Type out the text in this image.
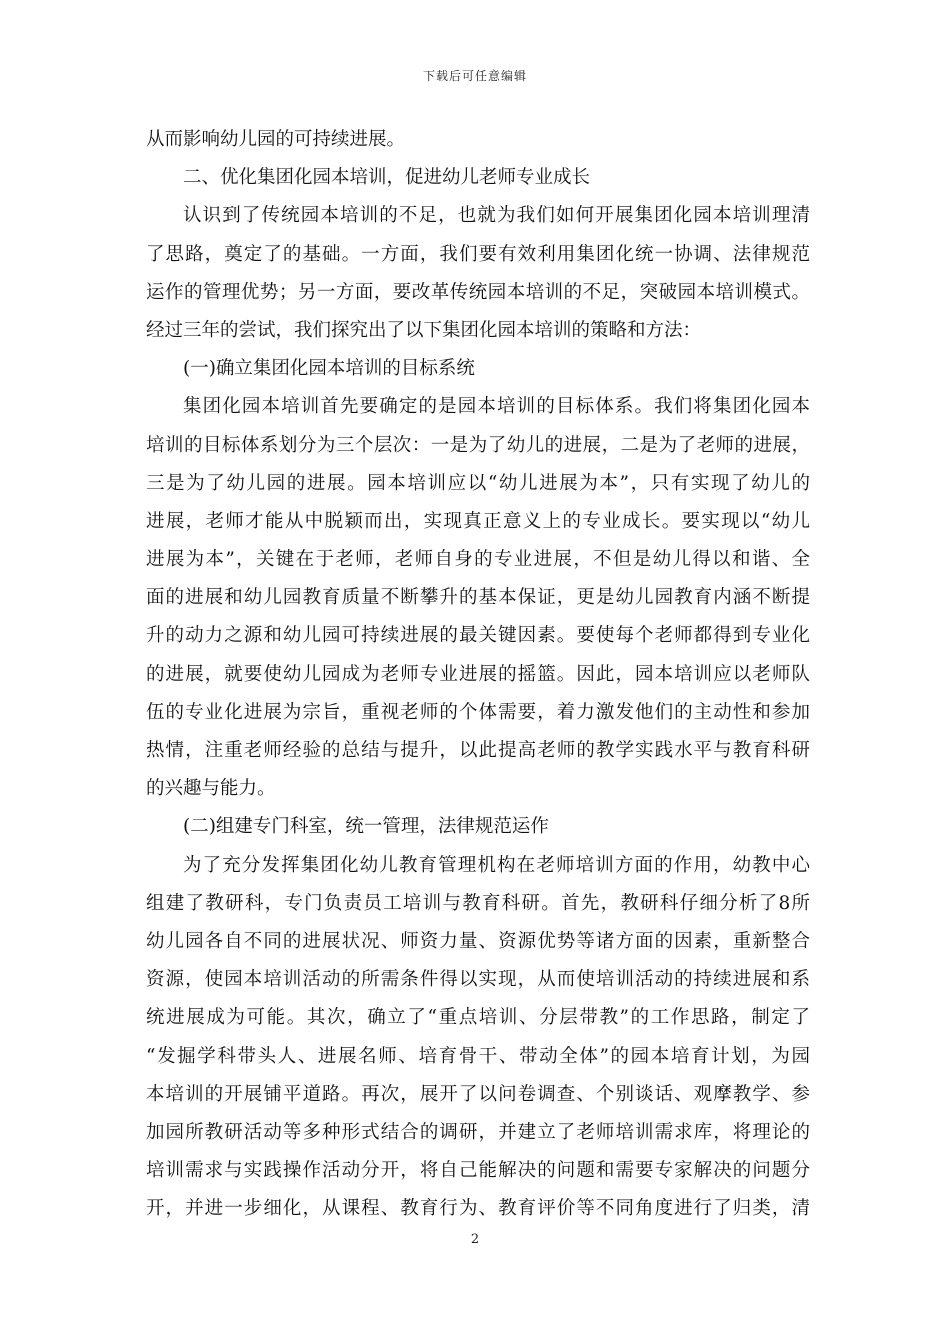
下载后可任意编辑
从而影响幼儿园的可持续进展。
二、优化集团化园本培训，促进幼儿老师专业成长
认识到了传统园本培训的不足，也就为我们如何开展集团化园本培训理清
了思路，奠定了的基础。一方面，我们要有效利用集团化统一协调、法律规范
运作的管理优势；另一方面，要改革传统园本培训的不足，突破园本培训模式。
经过三年的尝试，我们探究出了以下集团化园本培训的策略和方法：
(一)确立集团化园本培训的目标系统
集团化园本培训首先要确定的是园本培训的目标体系。我们将集团化园本
培训的目标体系划分为三个层次：一是为了幼儿的进展，二是为了老师的进展，
三是为了幼儿园的进展。园本培训应以“幼儿进展为本”，只有实现了幼儿的
进展，老师才能从中脱颖而出，实现真正意义上的专业成长。要实现以“幼儿
进展为本”，关键在于老师，老师自身的专业进展，不但是幼儿得以和谐、全
面的进展和幼儿园教育质量不断攀升的基本保证，更是幼儿园教育内涵不断提
升的动力之源和幼儿园可持续进展的最关键因素。要使每个老师都得到专业化
的进展，就要使幼儿园成为老师专业进展的摇篮。因此，园本培训应以老师队
伍的专业化进展为宗旨，重视老师的个体需要，着力激发他们的主动性和参加
热情，注重老师经验的总结与提升，以此提高老师的教学实践水平与教育科研
的兴趣与能力。
(二)组建专门科室，统一管理，法律规范运作
为了充分发挥集团化幼儿教育管理机构在老师培训方面的作用，幼教中心
组建了教研科，专门负责员工培训与教育科研。首先，教研科仔细分析了8所
幼儿园各自不同的进展状况、师资力量、资源优势等诸方面的因素，重新整合
资源，使园本培训活动的所需条件得以实现，从而使培训活动的持续进展和系
统进展成为可能。其次，确立了“重点培训、分层带教”的工作思路，制定了
“发掘学科带头人、进展名师、培育骨干、带动全体”的园本培育计划，为园
本培训的开展铺平道路。再次，展开了以问卷调查、个别谈话、观摩教学、参
加园所教研活动等多种形式结合的调研，并建立了老师培训需求库，将理论的
培训需求与实践操作活动分开，将自己能解决的问题和需要专家解决的问题分
开，并进一步细化，从课程、教育行为、教育评价等不同角度进行了归类，清
2
